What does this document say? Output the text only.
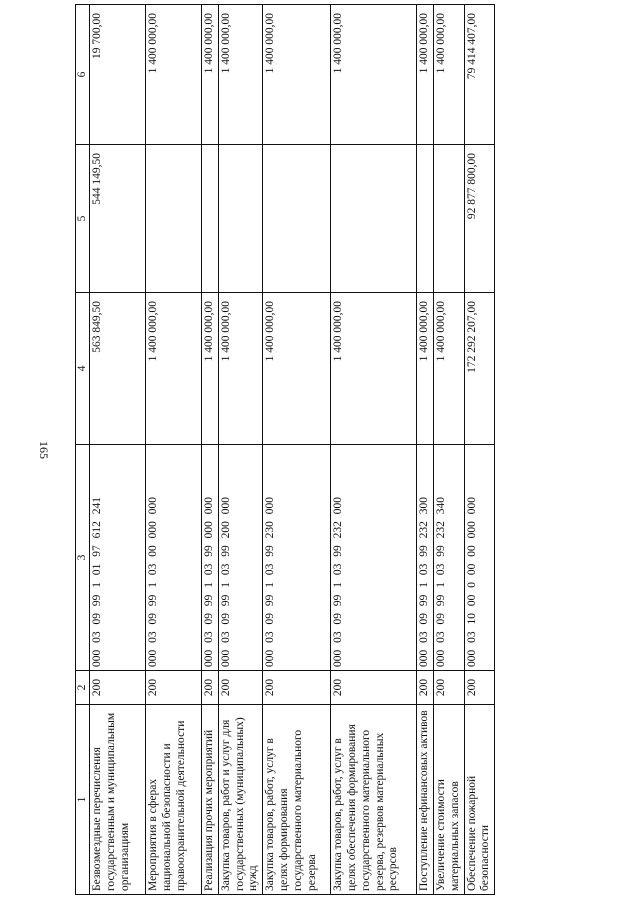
165
1	2	3	4	5	6
Безвозмездные перечисления государственным и муниципальным организациям	200	000 03 09 99 1 01 97 612 241	563 849,50	544 149,50	19 700,00
Мероприятия в сферах национальной безопасности и правоохранительной деятельности	200	000 03 09 99 1 03 00 000 000	1 400 000,00		1 400 000,00
Реализация прочих мероприятий	200	000 03 09 99 1 03 99 000 000	1 400 000,00		1 400 000,00
Закупка товаров, работ и услуг для государственных (муниципальных) нужд	200	000 03 09 99 1 03 99 200 000	1 400 000,00		1 400 000,00
Закупка товаров, работ, услуг в целях формирования государственного материального резерва	200	000 03 09 99 1 03 99 230 000	1 400 000,00		1 400 000,00
Закупка товаров, работ, услуг в целях обеспечения формирования государственного материального резерва, резервов материальных ресурсов	200	000 03 09 99 1 03 99 232 000	1 400 000,00		1 400 000,00
Поступление нефинансовых активов	200	000 03 09 99 1 03 99 232 300	1 400 000,00		1 400 000,00
Увеличение стоимости материальных запасов	200	000 03 09 99 1 03 99 232 340	1 400 000,00		1 400 000,00
Обеспечение пожарной безопасности	200	000 03 10 00 0 00 00 000 000	172 292 207,00	92 877 800,00	79 414 407,00
